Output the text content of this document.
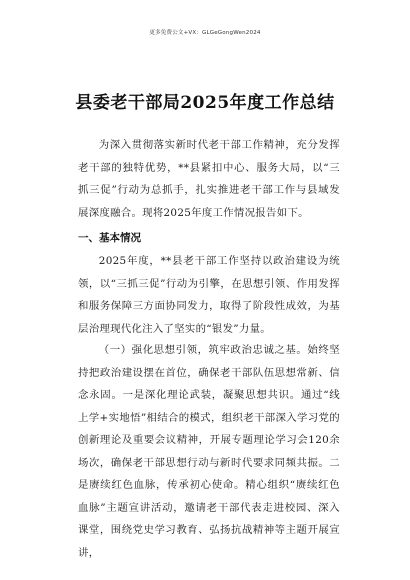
更多免费公文+VX：GLGeGongWen2024
县委老干部局2025年度工作总结

为深入贯彻落实新时代老干部工作精神，充分发挥老干部的独特优势，**县紧扣中心、服务大局，以“三抓三促”行动为总抓手，扎实推进老干部工作与县域发展深度融合。现将2025年度工作情况报告如下。

一、基本情况

2025年度，**县老干部工作坚持以政治建设为统领，以“三抓三促”行动为引擎，在思想引领、作用发挥和服务保障三方面协同发力，取得了阶段性成效，为基层治理现代化注入了坚实的“银发”力量。

（一）强化思想引领，筑牢政治忠诚之基。始终坚持把政治建设摆在首位，确保老干部队伍思想常新、信念永固。一是深化理论武装，凝聚思想共识。通过“线上学+实地悟”相结合的模式，组织老干部深入学习党的创新理论及重要会议精神，开展专题理论学习会120余场次，确保老干部思想行动与新时代要求同频共振。二是赓续红色血脉，传承初心使命。精心组织“赓续红色血脉”主题宣讲活动，邀请老干部代表走进校园、深入课堂，围绕党史学习教育、弘扬抗战精神等主题开展宣讲，
